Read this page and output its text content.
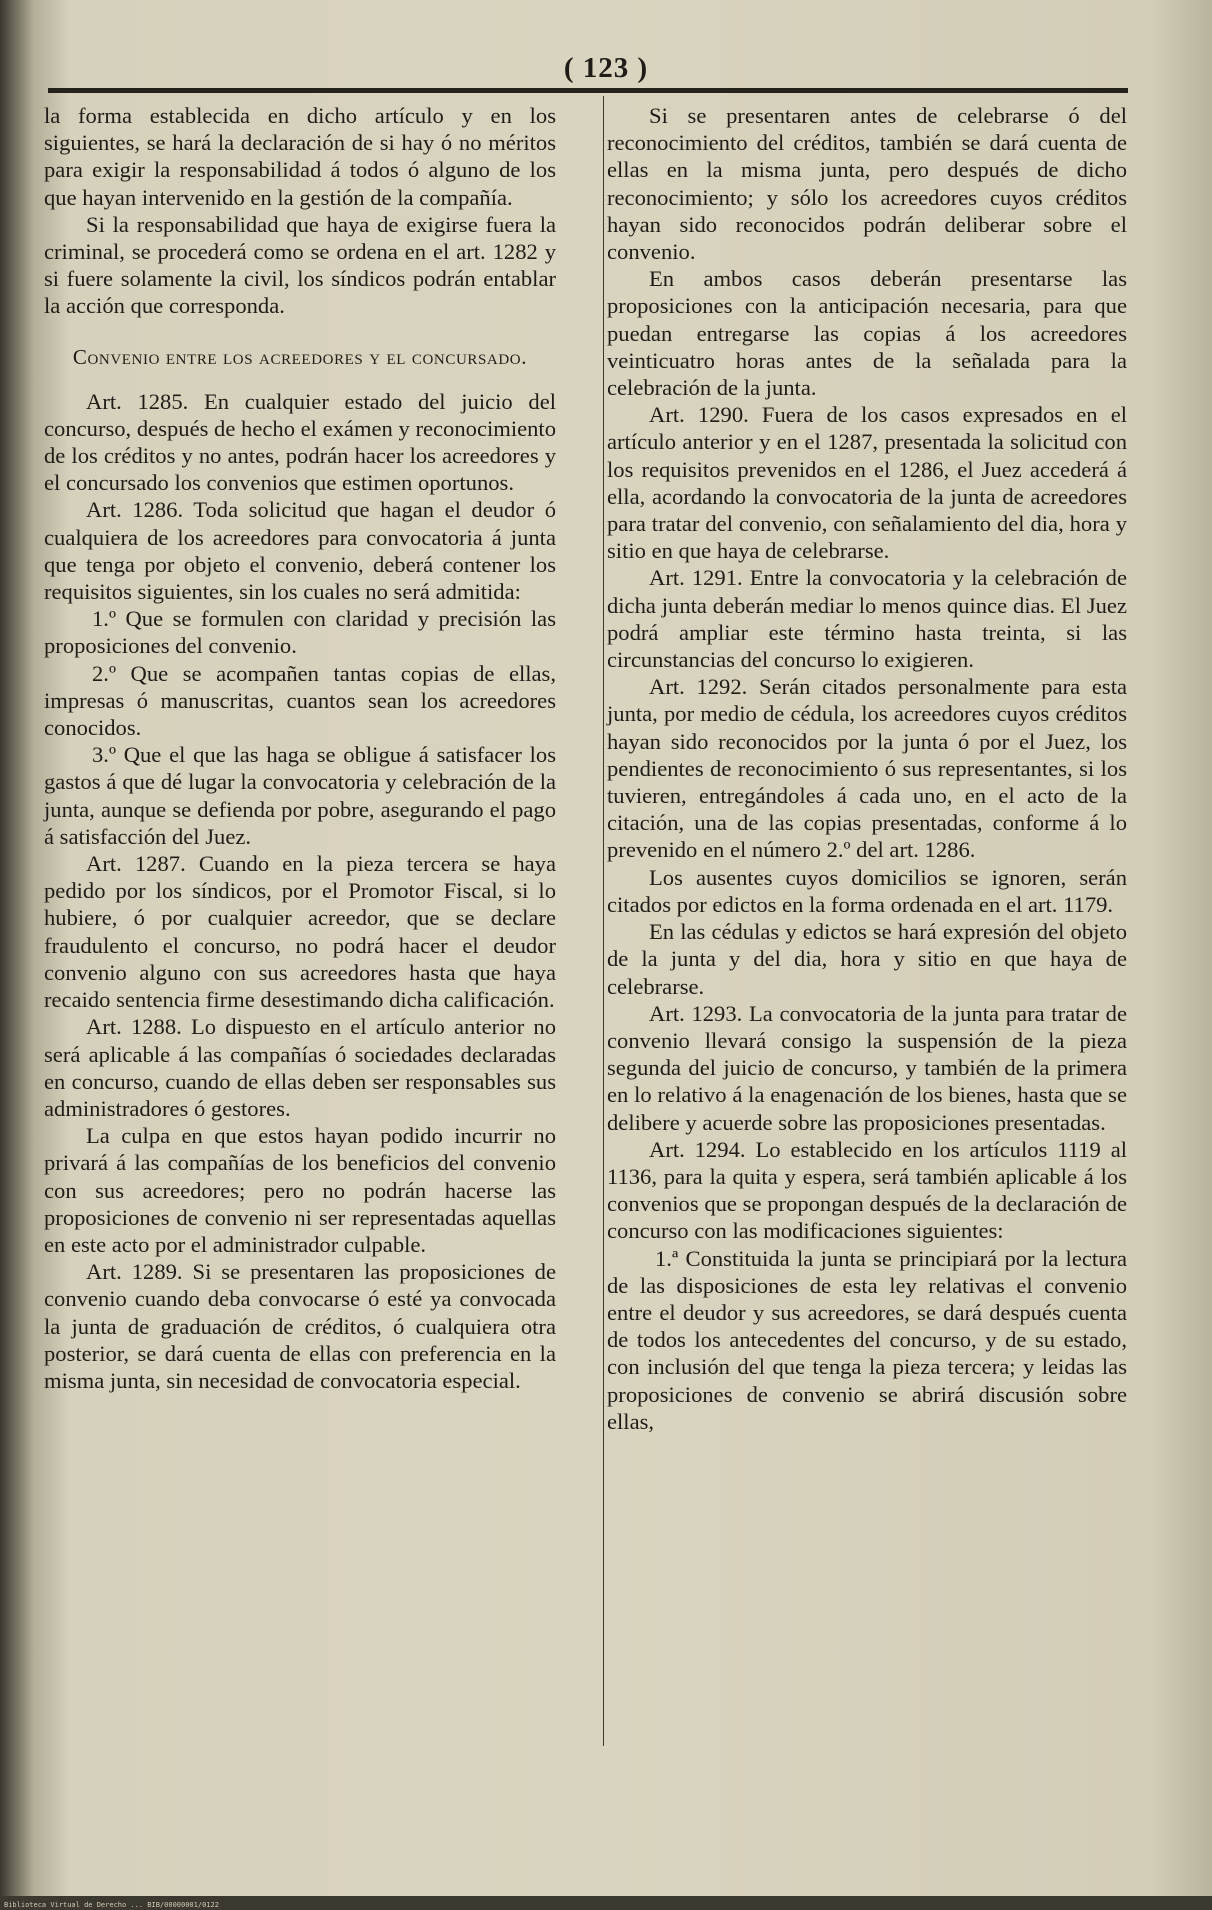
( 123 )

la forma establecida en dicho artículo y en los siguientes, se hará la declaración de si hay ó no méritos para exigir la responsabilidad á todos ó alguno de los que hayan intervenido en la gestión de la compañía.

Si la responsabilidad que haya de exigirse fuera la criminal, se procederá como se ordena en el art. 1282 y si fuere solamente la civil, los síndicos podrán entablar la acción que corresponda.

Convenio entre los acreedores y el concursado.

Art. 1285. En cualquier estado del juicio del concurso, después de hecho el exámen y reconocimiento de los créditos y no antes, podrán hacer los acreedores y el concursado los convenios que estimen oportunos.

Art. 1286. Toda solicitud que hagan el deudor ó cualquiera de los acreedores para convocatoria á junta que tenga por objeto el convenio, deberá contener los requisitos siguientes, sin los cuales no será admitida:

1.º Que se formulen con claridad y precisión las proposiciones del convenio.

2.º Que se acompañen tantas copias de ellas, impresas ó manuscritas, cuantos sean los acreedores conocidos.

3.º Que el que las haga se obligue á satisfacer los gastos á que dé lugar la convocatoria y celebración de la junta, aunque se defienda por pobre, asegurando el pago á satisfacción del Juez.

Art. 1287. Cuando en la pieza tercera se haya pedido por los síndicos, por el Promotor Fiscal, si lo hubiere, ó por cualquier acreedor, que se declare fraudulento el concurso, no podrá hacer el deudor convenio alguno con sus acreedores hasta que haya recaido sentencia firme desestimando dicha calificación.

Art. 1288. Lo dispuesto en el artículo anterior no será aplicable á las compañías ó sociedades declaradas en concurso, cuando de ellas deben ser responsables sus administradores ó gestores.

La culpa en que estos hayan podido incurrir no privará á las compañías de los beneficios del convenio con sus acreedores; pero no podrán hacerse las proposiciones de convenio ni ser representadas aquellas en este acto por el administrador culpable.

Art. 1289. Si se presentaren las proposiciones de convenio cuando deba convocarse ó esté ya convocada la junta de graduación de créditos, ó cualquiera otra posterior, se dará cuenta de ellas con preferencia en la misma junta, sin necesidad de convocatoria especial.

Si se presentaren antes de celebrarse ó del reconocimiento del créditos, también se dará cuenta de ellas en la misma junta, pero después de dicho reconocimiento; y sólo los acreedores cuyos créditos hayan sido reconocidos podrán deliberar sobre el convenio.

En ambos casos deberán presentarse las proposiciones con la anticipación necesaria, para que puedan entregarse las copias á los acreedores veinticuatro horas antes de la señalada para la celebración de la junta.

Art. 1290. Fuera de los casos expresados en el artículo anterior y en el 1287, presentada la solicitud con los requisitos prevenidos en el 1286, el Juez accederá á ella, acordando la convocatoria de la junta de acreedores para tratar del convenio, con señalamiento del dia, hora y sitio en que haya de celebrarse.

Art. 1291. Entre la convocatoria y la celebración de dicha junta deberán mediar lo menos quince dias. El Juez podrá ampliar este término hasta treinta, si las circunstancias del concurso lo exigieren.

Art. 1292. Serán citados personalmente para esta junta, por medio de cédula, los acreedores cuyos créditos hayan sido reconocidos por la junta ó por el Juez, los pendientes de reconocimiento ó sus representantes, si los tuvieren, entregándoles á cada uno, en el acto de la citación, una de las copias presentadas, conforme á lo prevenido en el número 2.º del art. 1286.

Los ausentes cuyos domicilios se ignoren, serán citados por edictos en la forma ordenada en el art. 1179.

En las cédulas y edictos se hará expresión del objeto de la junta y del dia, hora y sitio en que haya de celebrarse.

Art. 1293. La convocatoria de la junta para tratar de convenio llevará consigo la suspensión de la pieza segunda del juicio de concurso, y también de la primera en lo relativo á la enagenación de los bienes, hasta que se delibere y acuerde sobre las proposiciones presentadas.

Art. 1294. Lo establecido en los artículos 1119 al 1136, para la quita y espera, será también aplicable á los convenios que se propongan después de la declaración de concurso con las modificaciones siguientes:

1.ª Constituida la junta se principiará por la lectura de las disposiciones de esta ley relativas el convenio entre el deudor y sus acreedores, se dará después cuenta de todos los antecedentes del concurso, y de su estado, con inclusión del que tenga la pieza tercera; y leidas las proposiciones de convenio se abrirá discusión sobre ellas,

Biblioteca Virtual de Derecho ... BIB/00000001/0122
